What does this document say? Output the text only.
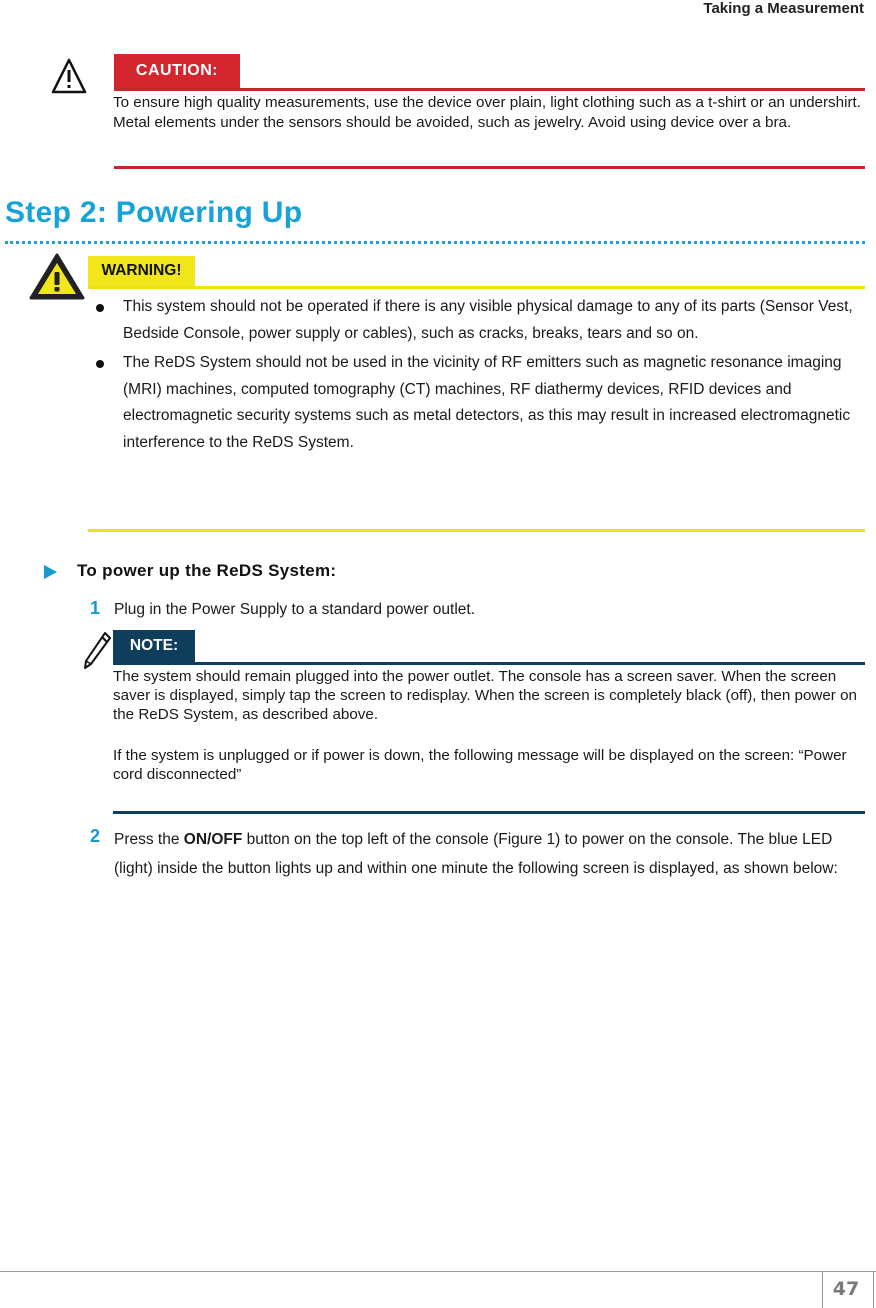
Taking a Measurement
CAUTION:
To ensure high quality measurements, use the device over plain, light clothing such as a t-shirt or an undershirt. Metal elements under the sensors should be avoided, such as jewelry. Avoid using device over a bra.
Step 2: Powering Up
WARNING!
This system should not be operated if there is any visible physical damage to any of its parts (Sensor Vest, Bedside Console, power supply or cables), such as cracks, breaks, tears and so on.
The ReDS System should not be used in the vicinity of RF emitters such as magnetic resonance imaging (MRI) machines, computed tomography (CT) machines, RF diathermy devices, RFID devices and electromagnetic security systems such as metal detectors, as this may result in increased electromagnetic interference to the ReDS System.
To power up the ReDS System:
1 Plug in the Power Supply to a standard power outlet.
NOTE:

The system should remain plugged into the power outlet. The console has a screen saver. When the screen saver is displayed, simply tap the screen to redisplay. When the screen is completely black (off), then power on the ReDS System, as described above.

If the system is unplugged or if power is down, the following message will be displayed on the screen: “Power cord disconnected”

2 Press the ON/OFF button on the top left of the console (Figure 1) to power on the console. The blue LED (light) inside the button lights up and within one minute the following screen is displayed, as shown below:
47
